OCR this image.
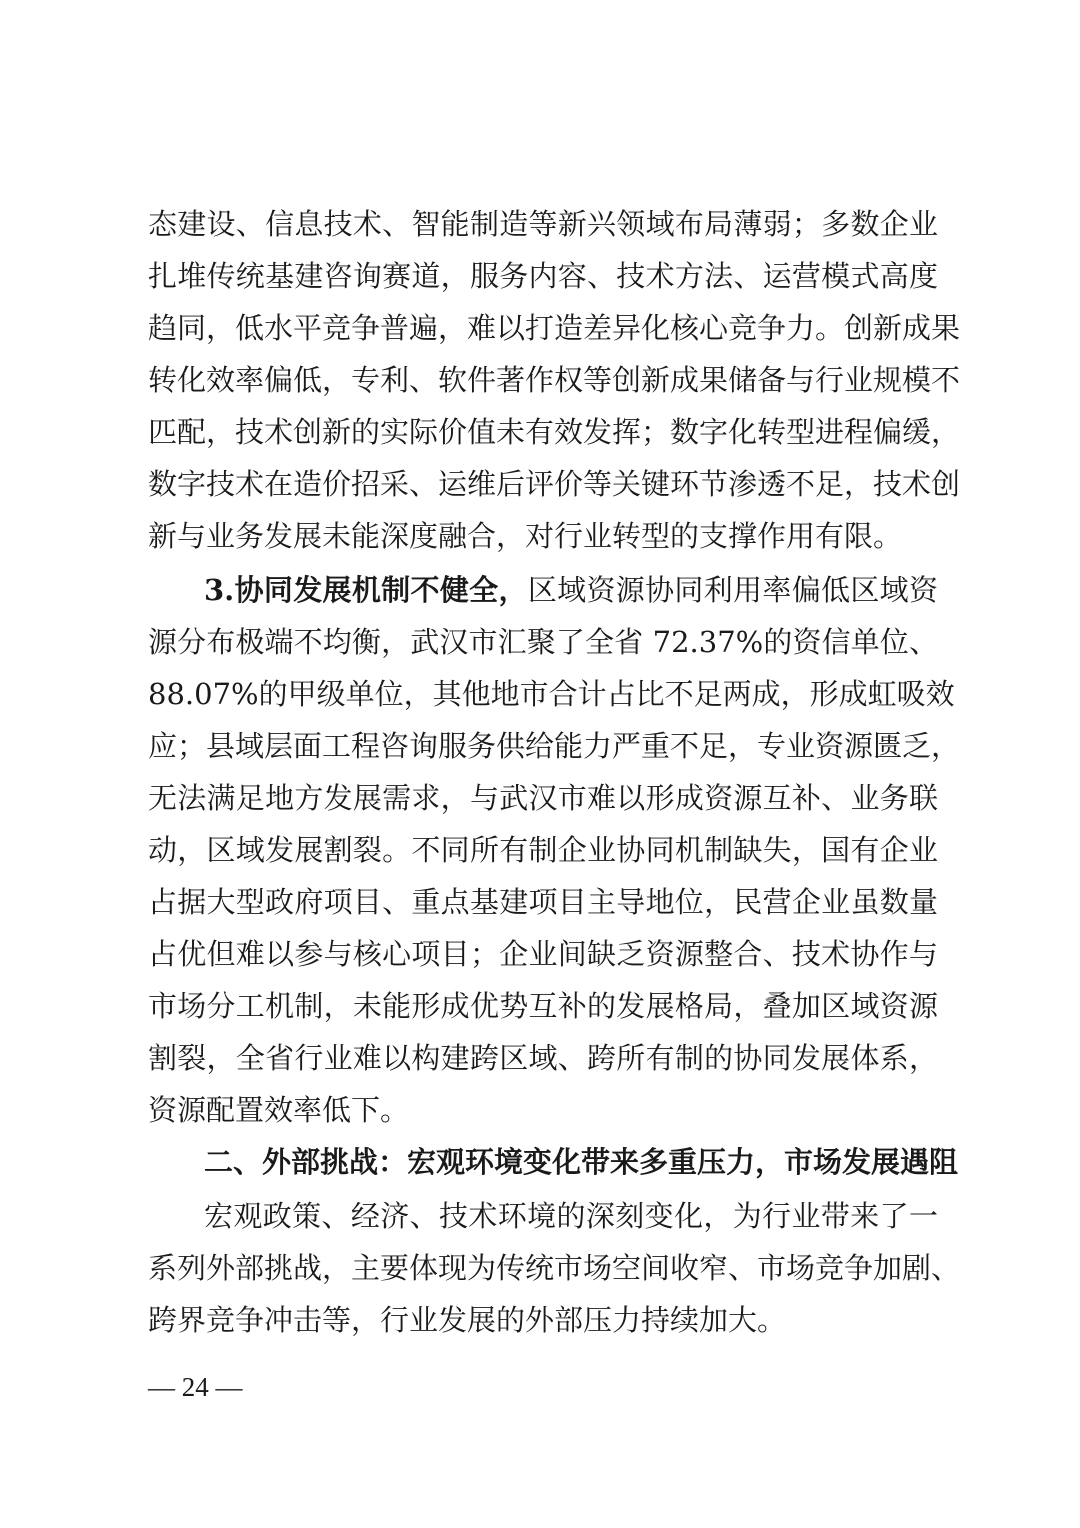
态建设、信息技术、智能制造等新兴领域布局薄弱；多数企业
扎堆传统基建咨询赛道，服务内容、技术方法、运营模式高度
趋同，低水平竞争普遍，难以打造差异化核心竞争力。创新成果
转化效率偏低，专利、软件著作权等创新成果储备与行业规模不
匹配，技术创新的实际价值未有效发挥；数字化转型进程偏缓，
数字技术在造价招采、运维后评价等关键环节渗透不足，技术创
新与业务发展未能深度融合，对行业转型的支撑作用有限。
3.协同发展机制不健全，区域资源协同利用率偏低区域资
源分布极端不均衡，武汉市汇聚了全省 72.37%的资信单位、
88.07%的甲级单位，其他地市合计占比不足两成，形成虹吸效
应；县域层面工程咨询服务供给能力严重不足，专业资源匮乏，
无法满足地方发展需求，与武汉市难以形成资源互补、业务联
动，区域发展割裂。不同所有制企业协同机制缺失，国有企业
占据大型政府项目、重点基建项目主导地位，民营企业虽数量
占优但难以参与核心项目；企业间缺乏资源整合、技术协作与
市场分工机制，未能形成优势互补的发展格局，叠加区域资源
割裂，全省行业难以构建跨区域、跨所有制的协同发展体系，
资源配置效率低下。
二、外部挑战：宏观环境变化带来多重压力，市场发展遇阻
宏观政策、经济、技术环境的深刻变化，为行业带来了一
系列外部挑战，主要体现为传统市场空间收窄、市场竞争加剧、
跨界竞争冲击等，行业发展的外部压力持续加大。
— 24 —
